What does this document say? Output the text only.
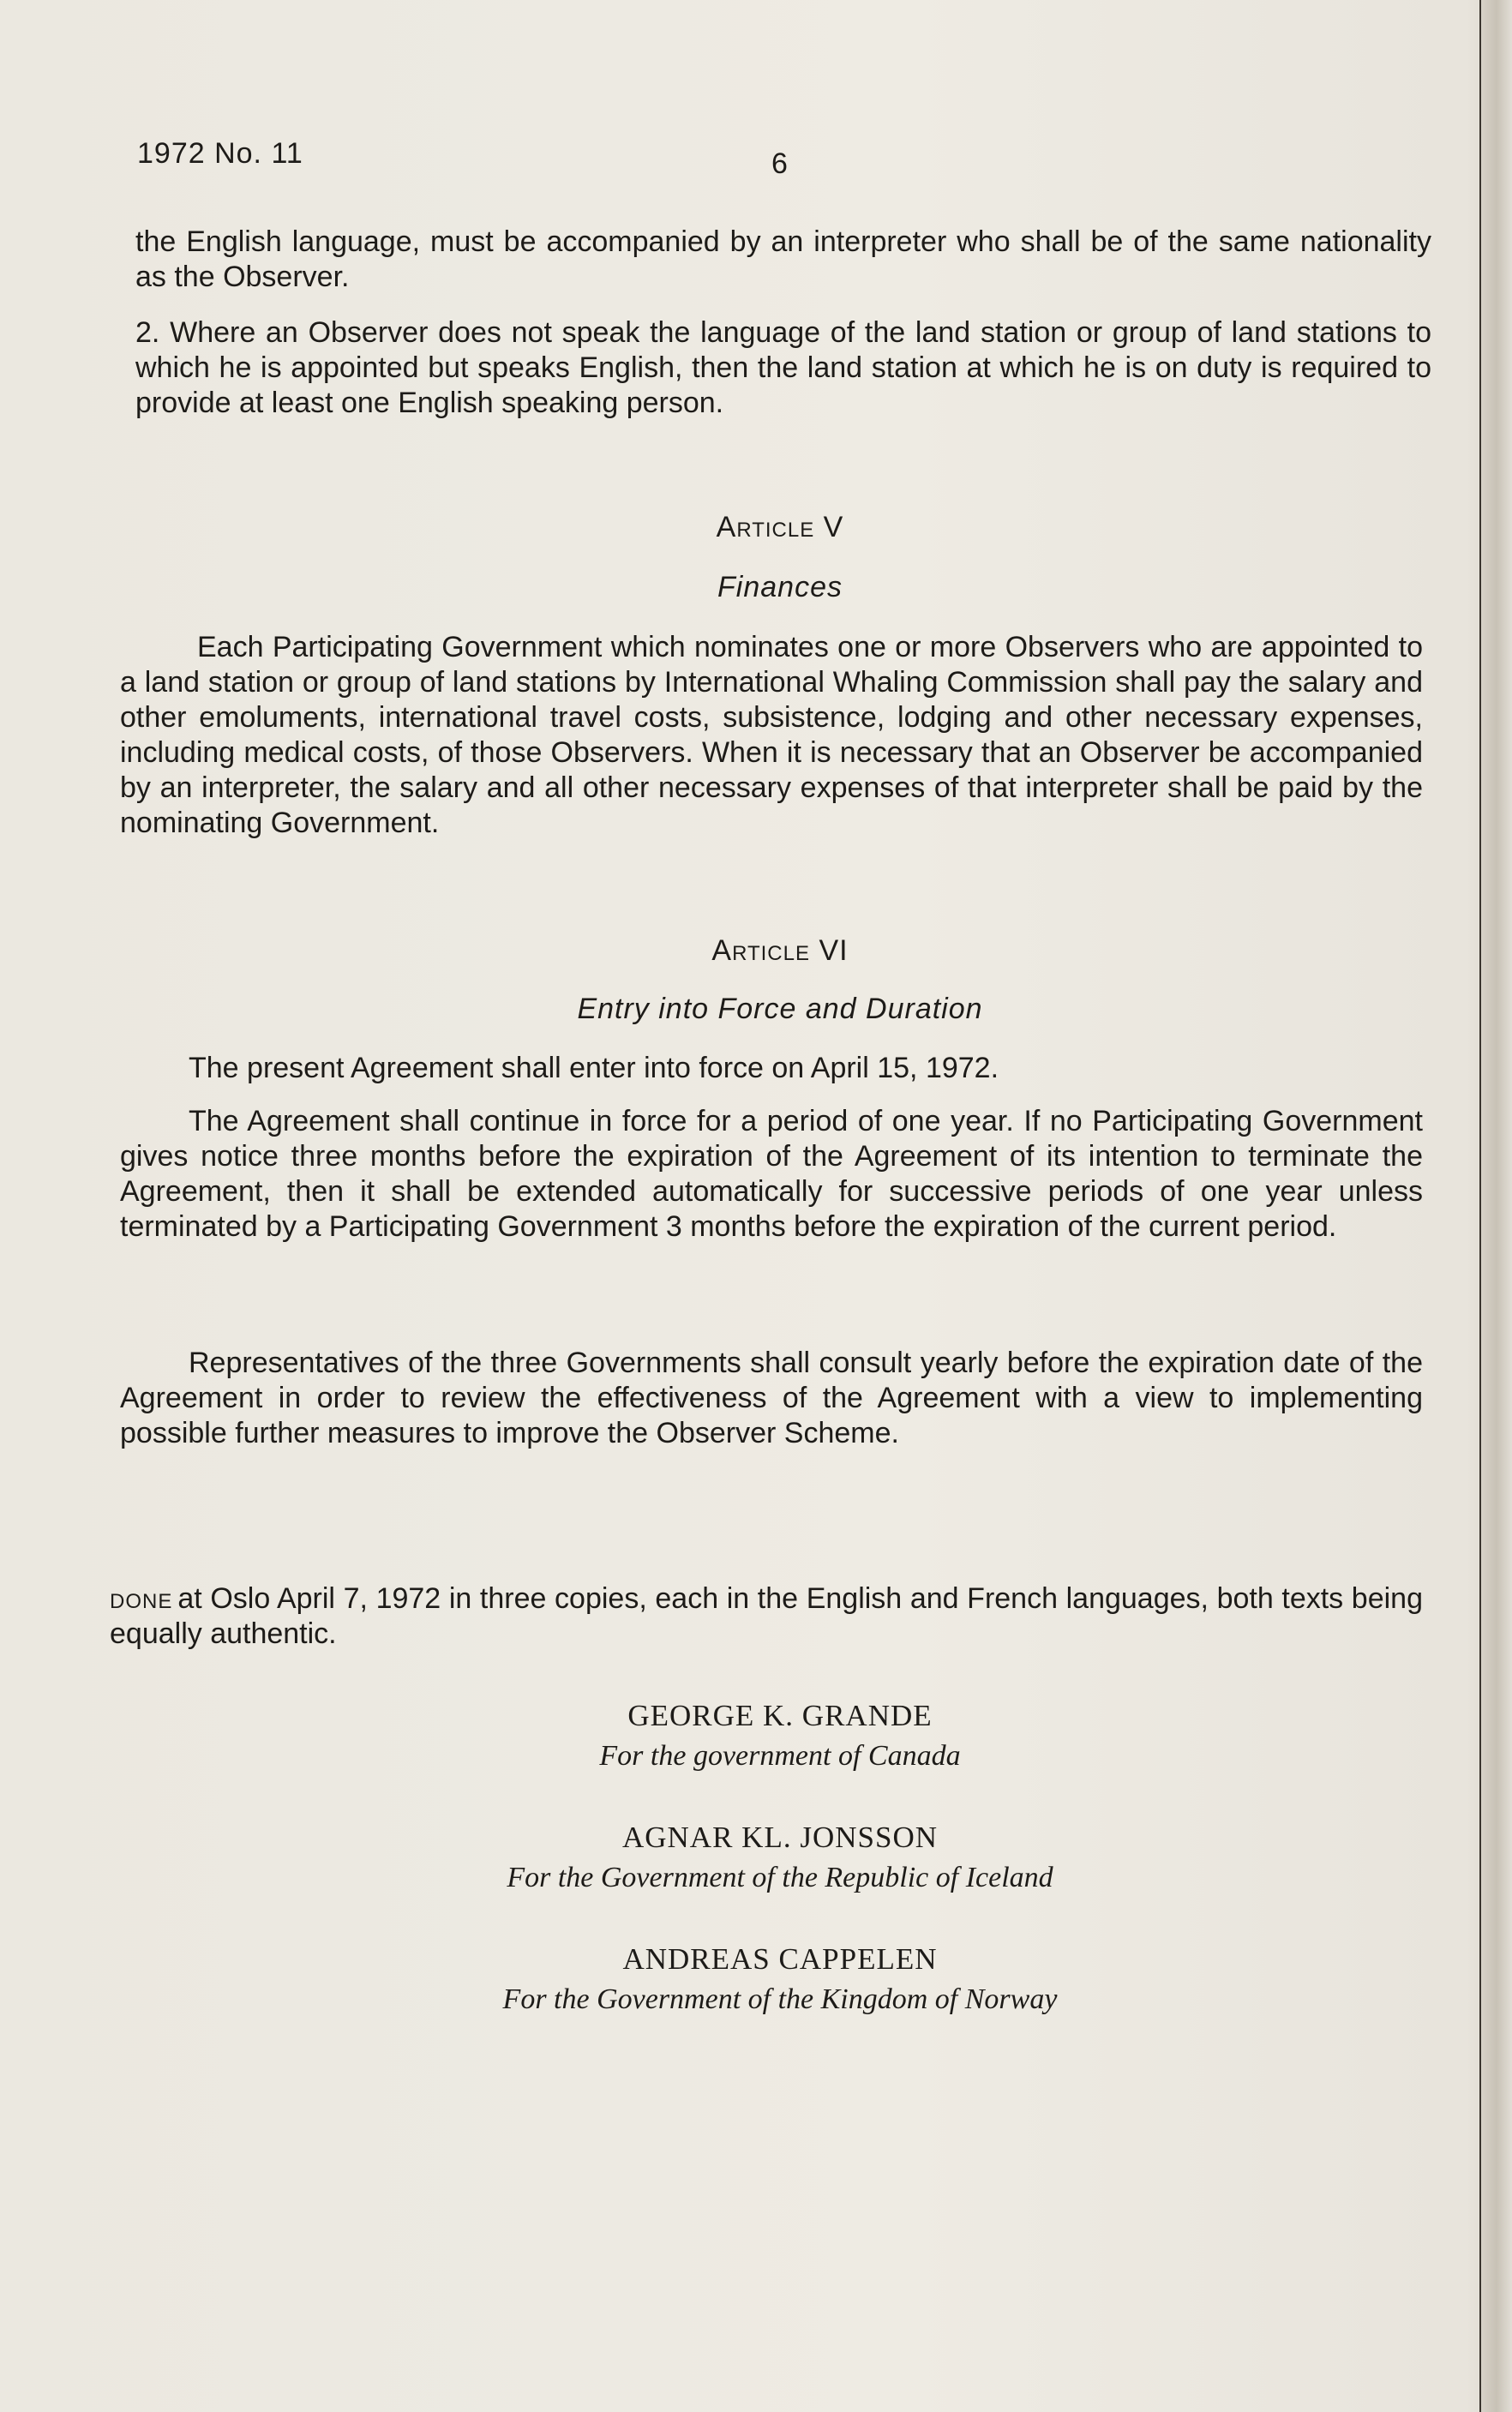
1972 No. 11	6
the English language, must be accompanied by an interpreter who shall be of the same nationality as the Observer.
2. Where an Observer does not speak the language of the land station or group of land stations to which he is appointed but speaks English, then the land station at which he is on duty is required to provide at least one English speaking person.
Article V
Finances
Each Participating Government which nominates one or more Observers who are appointed to a land station or group of land stations by International Whaling Commission shall pay the salary and other emoluments, international travel costs, subsistence, lodging and other necessary expenses, including medical costs, of those Observers. When it is necessary that an Observer be accompanied by an interpreter, the salary and all other necessary expenses of that interpreter shall be paid by the nominating Government.
Article VI
Entry into Force and Duration
The present Agreement shall enter into force on April 15, 1972.
The Agreement shall continue in force for a period of one year. If no Participating Government gives notice three months before the expiration of the Agreement of its intention to terminate the Agreement, then it shall be extended automatically for successive periods of one year unless terminated by a Participating Government 3 months before the expiration of the current period.
Representatives of the three Governments shall consult yearly before the expiration date of the Agreement in order to review the effectiveness of the Agreement with a view to implementing possible further measures to improve the Observer Scheme.
done at Oslo April 7, 1972 in three copies, each in the English and French languages, both texts being equally authentic.
GEORGE K. GRANDE
For the government of Canada
AGNAR KL. JONSSON
For the Government of the Republic of Iceland
ANDREAS CAPPELEN
For the Government of the Kingdom of Norway
